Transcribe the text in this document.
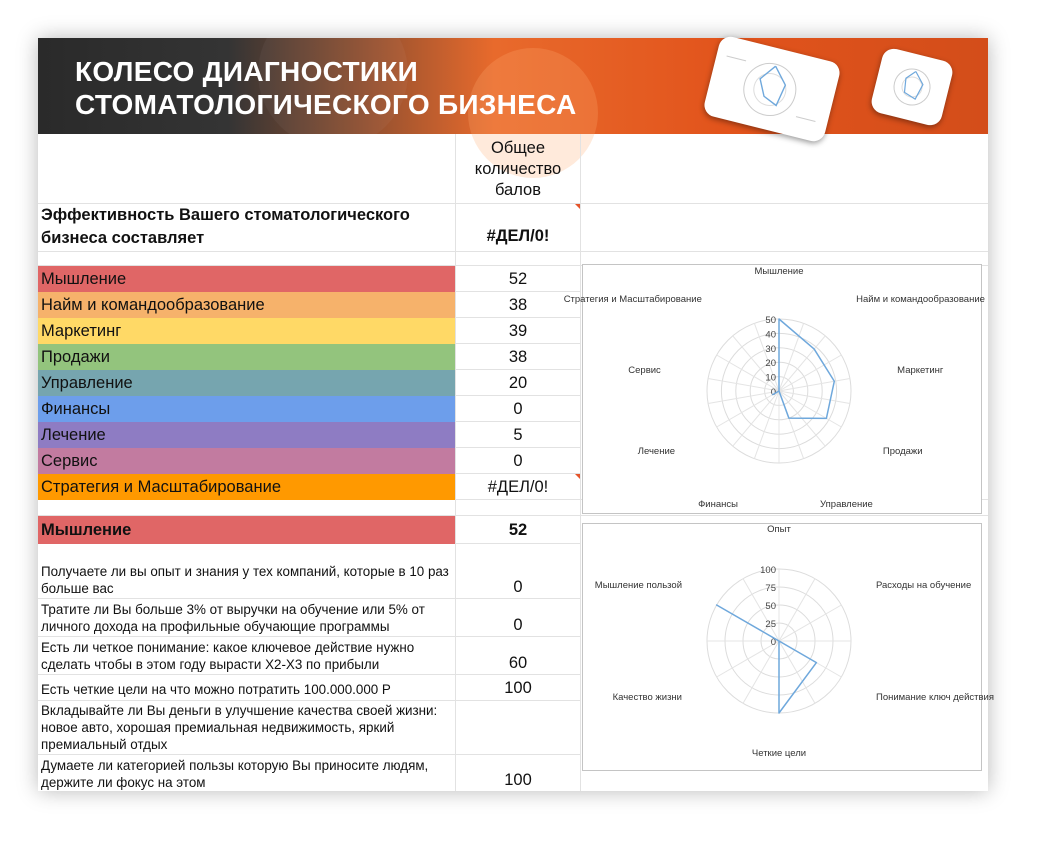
КОЛЕСО ДИАГНОСТИКИ
СТОМАТОЛОГИЧЕСКОГО БИЗНЕСА
Общее количество балов
Эффективность Вашего стоматологического бизнеса составляет	#ДЕЛ/0!
Мышление	52
Найм и командообразование	38
Маркетинг	39
Продажи	38
Управление	20
Финансы	0
Лечение	5
Сервис	0
Стратегия и Масштабирование	#ДЕЛ/0!
Мышление	52
Получаете ли вы опыт и знания у тех компаний, которые в 10 раз больше вас	0
Тратите ли Вы больше 3% от выручки на обучение или 5% от личного дохода на профильные обучающие программы	0
Есть ли четкое понимание: какое ключевое действие нужно сделать чтобы в этом году вырасти Х2-Х3 по прибыли	60
Есть четкие цели на что можно потратить 100.000.000 Р	100
Вкладывайте ли Вы деньги в улучшение качества своей жизни: новое авто, хорошая премиальная недвижимость, яркий премиальный отдых
Думаете ли категорией пользы которую Вы приносите людям, держите ли фокус на этом	100
0
10
20
30
40
50
Мышление
Найм и командообразование
Маркетинг
Продажи
Управление
Финансы
Лечение
Сервис
Стратегия и Масштабирование
0
25
50
75
100
Опыт
Расходы на обучение
Понимание ключ действия
Четкие цели
Качество жизни
Мышление пользой
